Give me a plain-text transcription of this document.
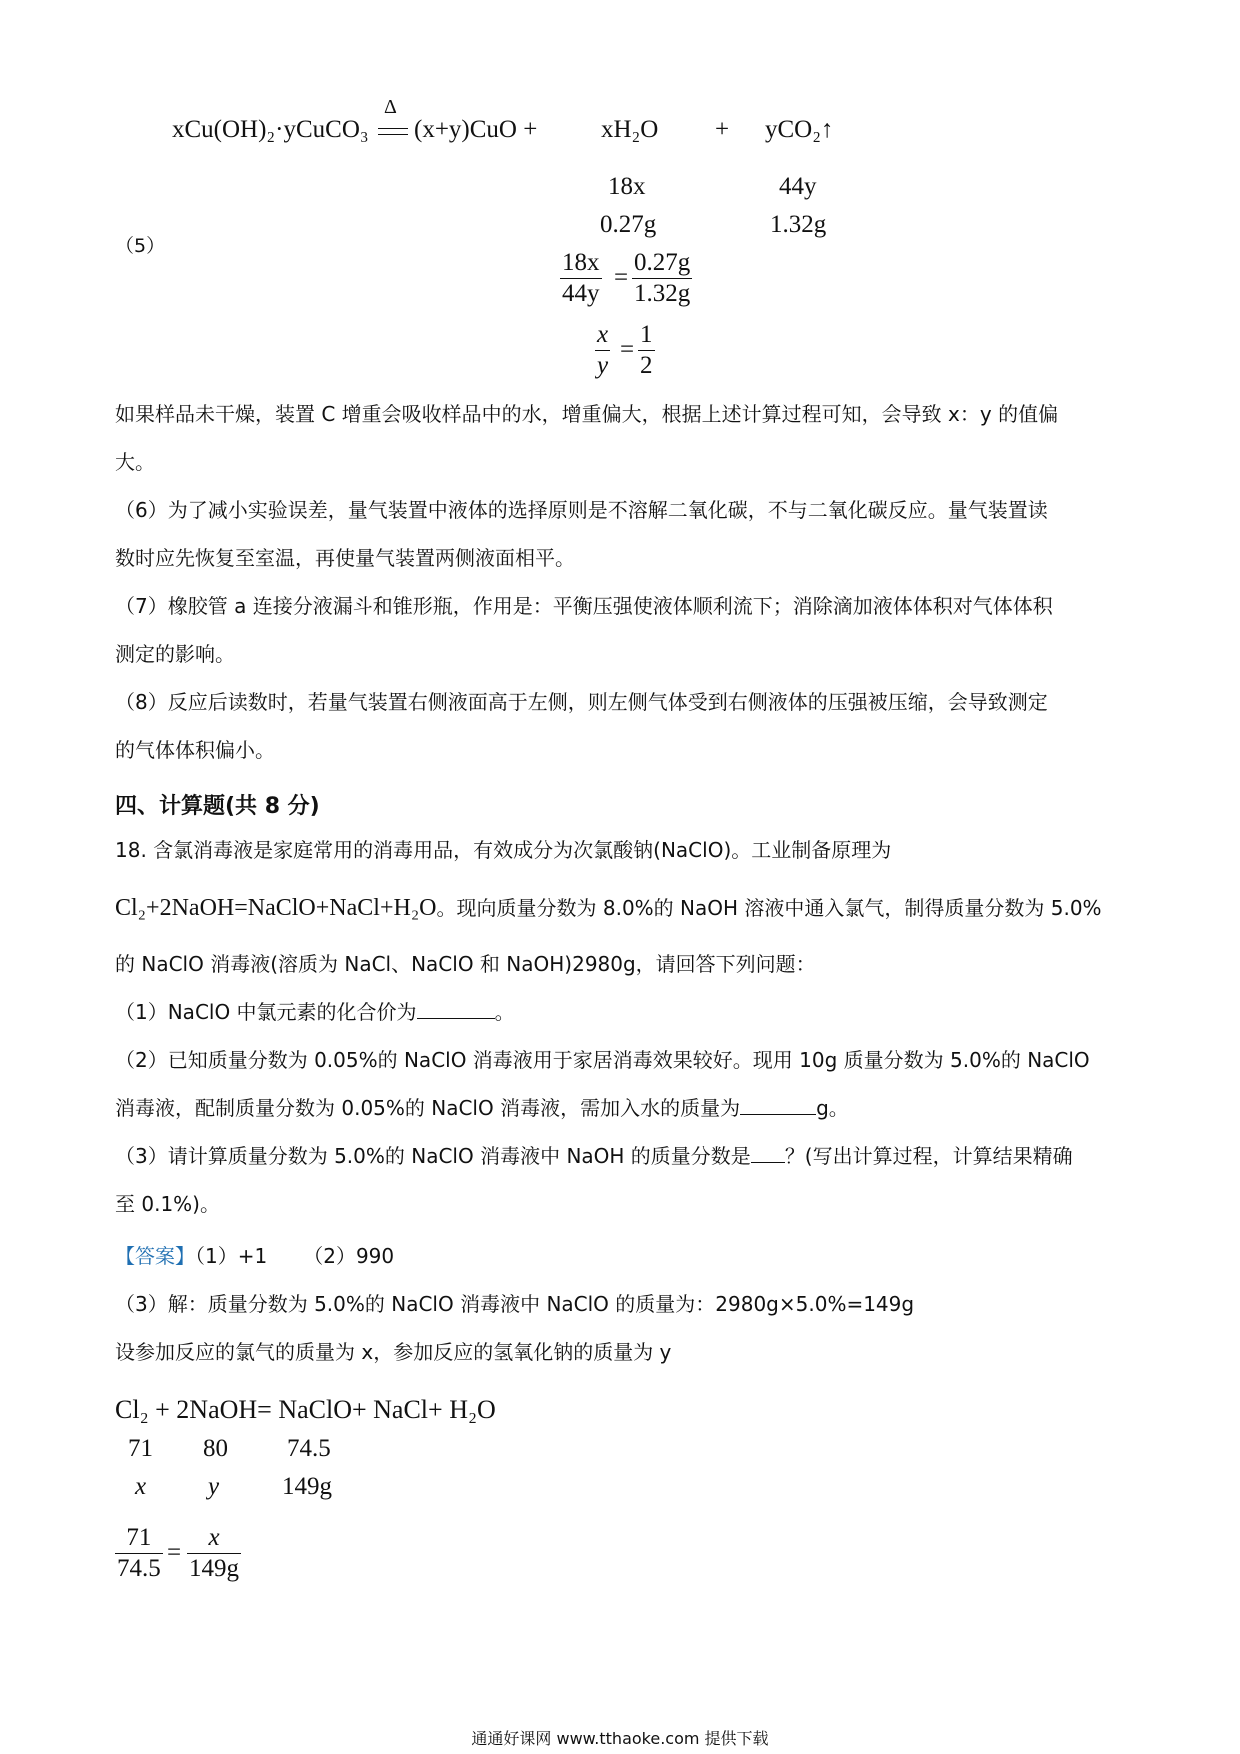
xCu(OH)₂·yCuCO₃
Δ
(x+y)CuO +	xH₂O + yCO₂↑
18x	44y
（5）
0.27g	1.32g
18x
44y
=
0.27g
1.32g
x
y
=
1
2
如果样品未干燥，装置 C 增重会吸收样品中的水，增重偏大，根据上述计算过程可知，会导致 x：y 的值偏
大。
（6）为了减小实验误差，量气装置中液体的选择原则是不溶解二氧化碳，不与二氧化碳反应。量气装置读
数时应先恢复至室温，再使量气装置两侧液面相平。
（7）橡胶管 a 连接分液漏斗和锥形瓶，作用是：平衡压强使液体顺利流下；消除滴加液体体积对气体体积
测定的影响。
（8）反应后读数时，若量气装置右侧液面高于左侧，则左侧气体受到右侧液体的压强被压缩，会导致测定
的气体体积偏小。
四、计算题(共 8 分)
18. 含氯消毒液是家庭常用的消毒用品，有效成分为次氯酸钠(NaClO)。工业制备原理为
Cl₂+2NaOH=NaClO+NaCl+H₂O。现向质量分数为 8.0%的 NaOH 溶液中通入氯气，制得质量分数为 5.0%
的 NaClO 消毒液(溶质为 NaCl、NaClO 和 NaOH)2980g，请回答下列问题：
（1）NaClO 中氯元素的化合价为	。
（2）已知质量分数为 0.05%的 NaClO 消毒液用于家居消毒效果较好。现用 10g 质量分数为 5.0%的 NaClO
消毒液，配制质量分数为 0.05%的 NaClO 消毒液，需加入水的质量为	g。
（3）请计算质量分数为 5.0%的 NaClO 消毒液中 NaOH 的质量分数是 ？(写出计算过程，计算结果精确
至 0.1%)。
【答案】（1）+1 （2）990
（3）解：质量分数为 5.0%的 NaClO 消毒液中 NaClO 的质量为：2980g×5.0%=149g
设参加反应的氯气的质量为 x，参加反应的氢氧化钠的质量为 y
Cl₂ + 2NaOH= NaClO+ NaCl+ H₂O
71 80 74.5
x y	149g
71
74.5
=
x
149g
通通好课网 www.tthaoke.com 提供下载
